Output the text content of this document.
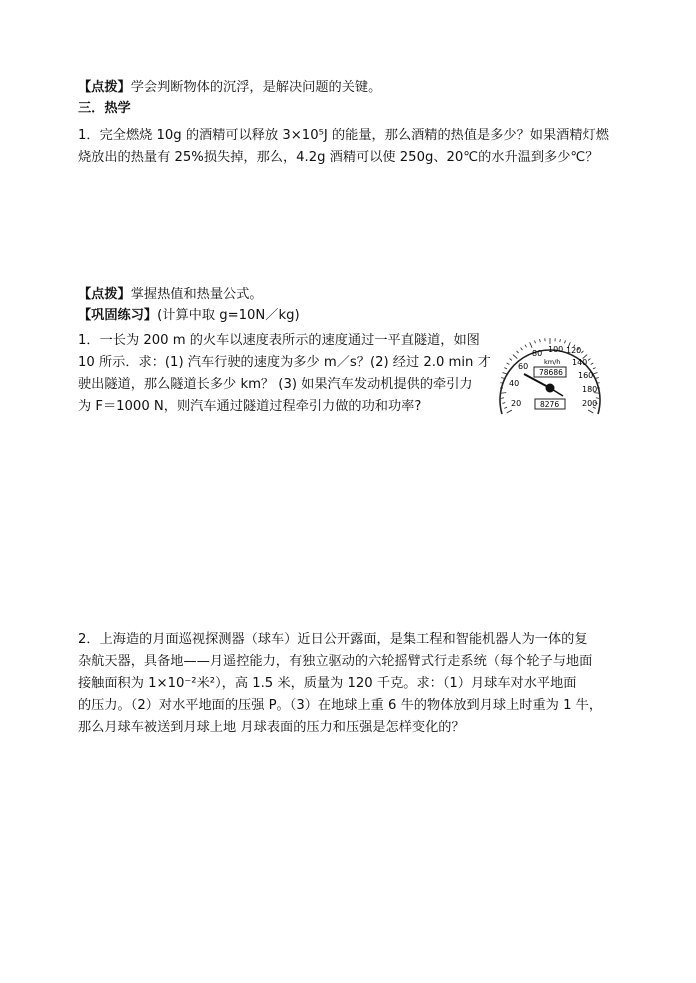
【点拨】学会判断物体的沉浮，是解决问题的关键。
三．热学
1．完全燃烧 10g 的酒精可以释放 3×10⁵J 的能量，那么酒精的热值是多少？如果酒精灯燃
烧放出的热量有 25%损失掉，那么，4.2g 酒精可以使 250g、20℃的水升温到多少℃？
【点拨】掌握热值和热量公式。
【巩固练习】(计算中取 g=10N／kg)
1．一长为 200 m 的火车以速度表所示的速度通过一平直隧道，如图
10 所示．求：(1) 汽车行驶的速度为多少 m／s？(2) 经过 2.0 min 才
驶出隧道，那么隧道长多少 km？ (3) 如果汽车发动机提供的牵引力
为 F＝1000 N，则汽车通过隧道过程牵引力做的功和功率?	20
40
60
80 100 120
140
160
180
200
km/h
78686
8276
2．上海造的月面巡视探测器（球车）近日公开露面，是集工程和智能机器人为一体的复
杂航天器，具备地——月遥控能力，有独立驱动的六轮摇臂式行走系统（每个轮子与地面
接触面积为 1×10⁻²米²），高 1.5 米，质量为 120 千克。求：（1）月球车对水平地面
的压力。（2）对水平地面的压强 P。（3）在地球上重 6 牛的物体放到月球上时重为 1 牛，
那么月球车被送到月球上地 月球表面的压力和压强是怎样变化的？
